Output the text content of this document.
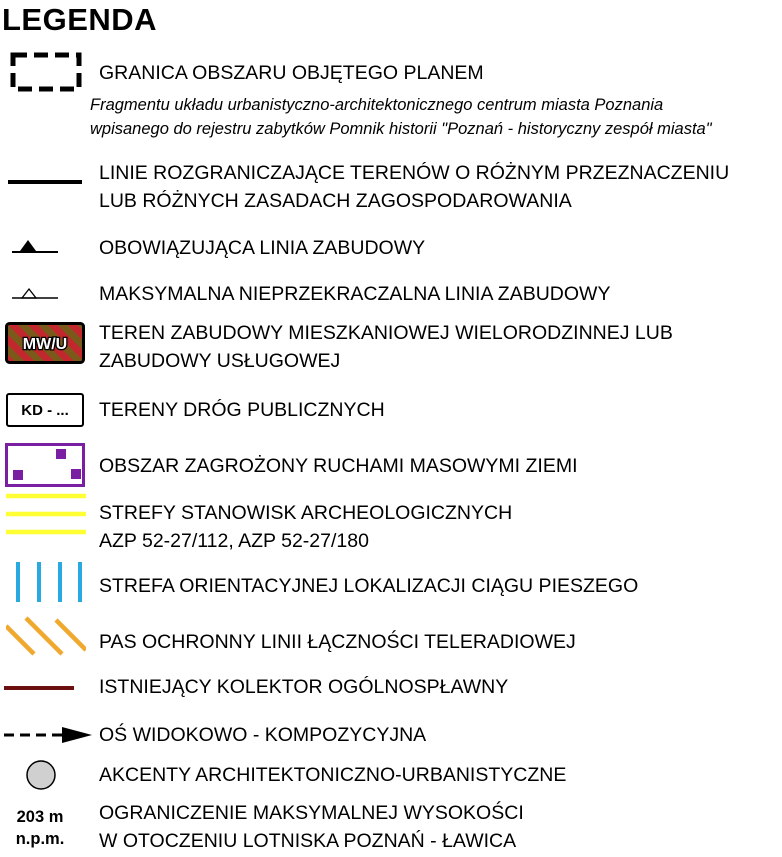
LEGENDA
GRANICA OBSZARU OBJĘTEGO PLANEM
Fragmentu układu urbanistyczno-architektonicznego centrum miasta Poznania
wpisanego do rejestru zabytków Pomnik historii "Poznań - historyczny zespół miasta"
LINIE ROZGRANICZAJĄCE TERENÓW O RÓŻNYM PRZEZNACZENIU
LUB RÓŻNYCH ZASADACH ZAGOSPODAROWANIA
OBOWIĄZUJĄCA LINIA ZABUDOWY
MAKSYMALNA NIEPRZEKRACZALNA LINIA ZABUDOWY
MW/U
TEREN ZABUDOWY MIESZKANIOWEJ WIELORODZINNEJ LUB
ZABUDOWY USŁUGOWEJ
KD - ... TERENY DRÓG PUBLICZNYCH
OBSZAR ZAGROŻONY RUCHAMI MASOWYMI ZIEMI
STREFY STANOWISK ARCHEOLOGICZNYCH
AZP 52-27/112, AZP 52-27/180
STREFA ORIENTACYJNEJ LOKALIZACJI CIĄGU PIESZEGO
PAS OCHRONNY LINII ŁĄCZNOŚCI TELERADIOWEJ
ISTNIEJĄCY KOLEKTOR OGÓLNOSPŁAWNY
OŚ WIDOKOWO - KOMPOZYCYJNA
AKCENTY ARCHITEKTONICZNO-URBANISTYCZNE
203 m
n.p.m.
OGRANICZENIE MAKSYMALNEJ WYSOKOŚCI
W OTOCZENIU LOTNISKA POZNAŃ - ŁAWICA
